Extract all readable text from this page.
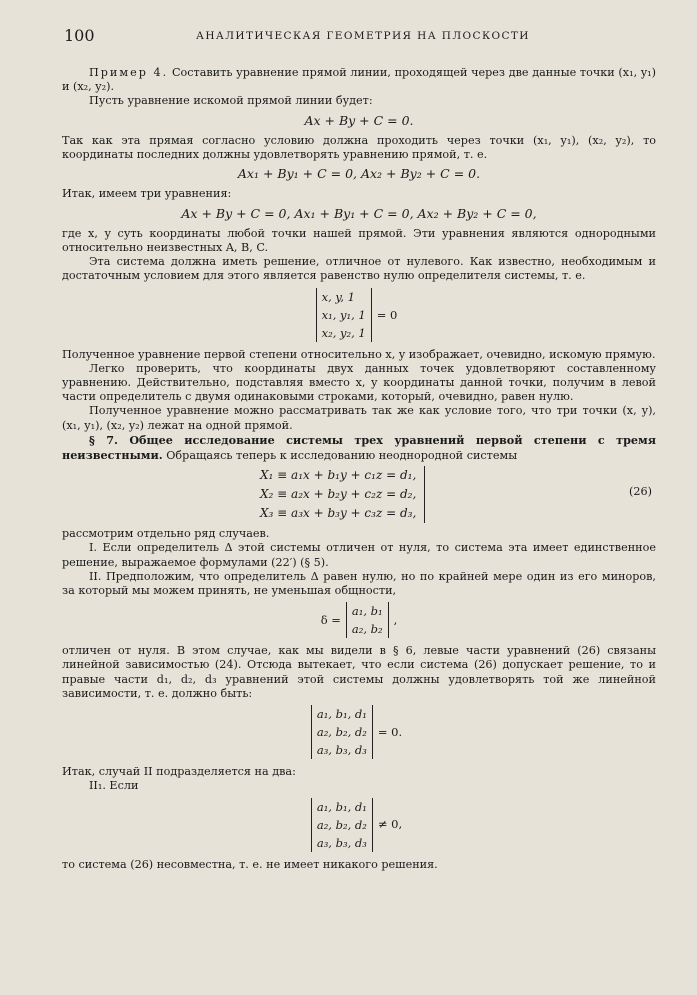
100	АНАЛИТИЧЕСКАЯ ГЕОМЕТРИЯ НА ПЛОСКОСТИ

Пример 4. Составить уравнение прямой линии, проходящей через две данные точки (x₁, y₁) и (x₂, y₂).

Пусть уравнение искомой прямой линии будет:

Ax + By + C = 0.

Так как эта прямая согласно условию должна проходить через точки (x₁, y₁), (x₂, y₂), то координаты последних должны удовлетворять уравнению прямой, т. е.

Ax₁ + By₁ + C = 0, Ax₂ + By₂ + C = 0.

Итак, имеем три уравнения:

Ax + By + C = 0, Ax₁ + By₁ + C = 0, Ax₂ + By₂ + C = 0,

где x, y суть координаты любой точки нашей прямой. Эти уравнения являются однородными относительно неизвестных A, B, C.

Эта система должна иметь решение, отличное от нулевого. Как известно, необходимым и достаточным условием для этого является равенство нулю определителя системы, т. е.

x, y, 1
x₁, y₁, 1
x₂, y₂, 1
= 0

Полученное уравнение первой степени относительно x, y изображает, очевидно, искомую прямую.

Легко проверить, что координаты двух данных точек удовлетворяют составленному уравнению. Действительно, подставляя вместо x, y координаты данной точки, получим в левой части определитель с двумя одинаковыми строками, который, очевидно, равен нулю.

Полученное уравнение можно рассматривать так же как условие того, что три точки (x, y), (x₁, y₁), (x₂, y₂) лежат на одной прямой.

§ 7. Общее исследование системы трех уравнений первой степени с тремя неизвестными. Обращаясь теперь к исследованию неоднородной системы

X₁ ≡ a₁x + b₁y + c₁z = d₁,
X₂ ≡ a₂x + b₂y + c₂z = d₂,
X₃ ≡ a₃x + b₃y + c₃z = d₃,
(26)

рассмотрим отдельно ряд случаев.

I. Если определитель Δ этой системы отличен от нуля, то система эта имеет единственное решение, выражаемое формулами (22′) (§ 5).

II. Предположим, что определитель Δ равен нулю, но по крайней мере один из его миноров, за который мы можем принять, не уменьшая общности,

δ =
a₁, b₁
a₂, b₂
,

отличен от нуля. В этом случае, как мы видели в § 6, левые части уравнений (26) связаны линейной зависимостью (24). Отсюда вытекает, что если система (26) допускает решение, то и правые части d₁, d₂, d₃ уравнений этой системы должны удовлетворять той же линейной зависимости, т. е. должно быть:

a₁, b₁, d₁
a₂, b₂, d₂
a₃, b₃, d₃
= 0.

Итак, случай II подразделяется на два:

II₁. Если

a₁, b₁, d₁
a₂, b₂, d₂
a₃, b₃, d₃
≠ 0,

то система (26) несовместна, т. е. не имеет никакого решения.
